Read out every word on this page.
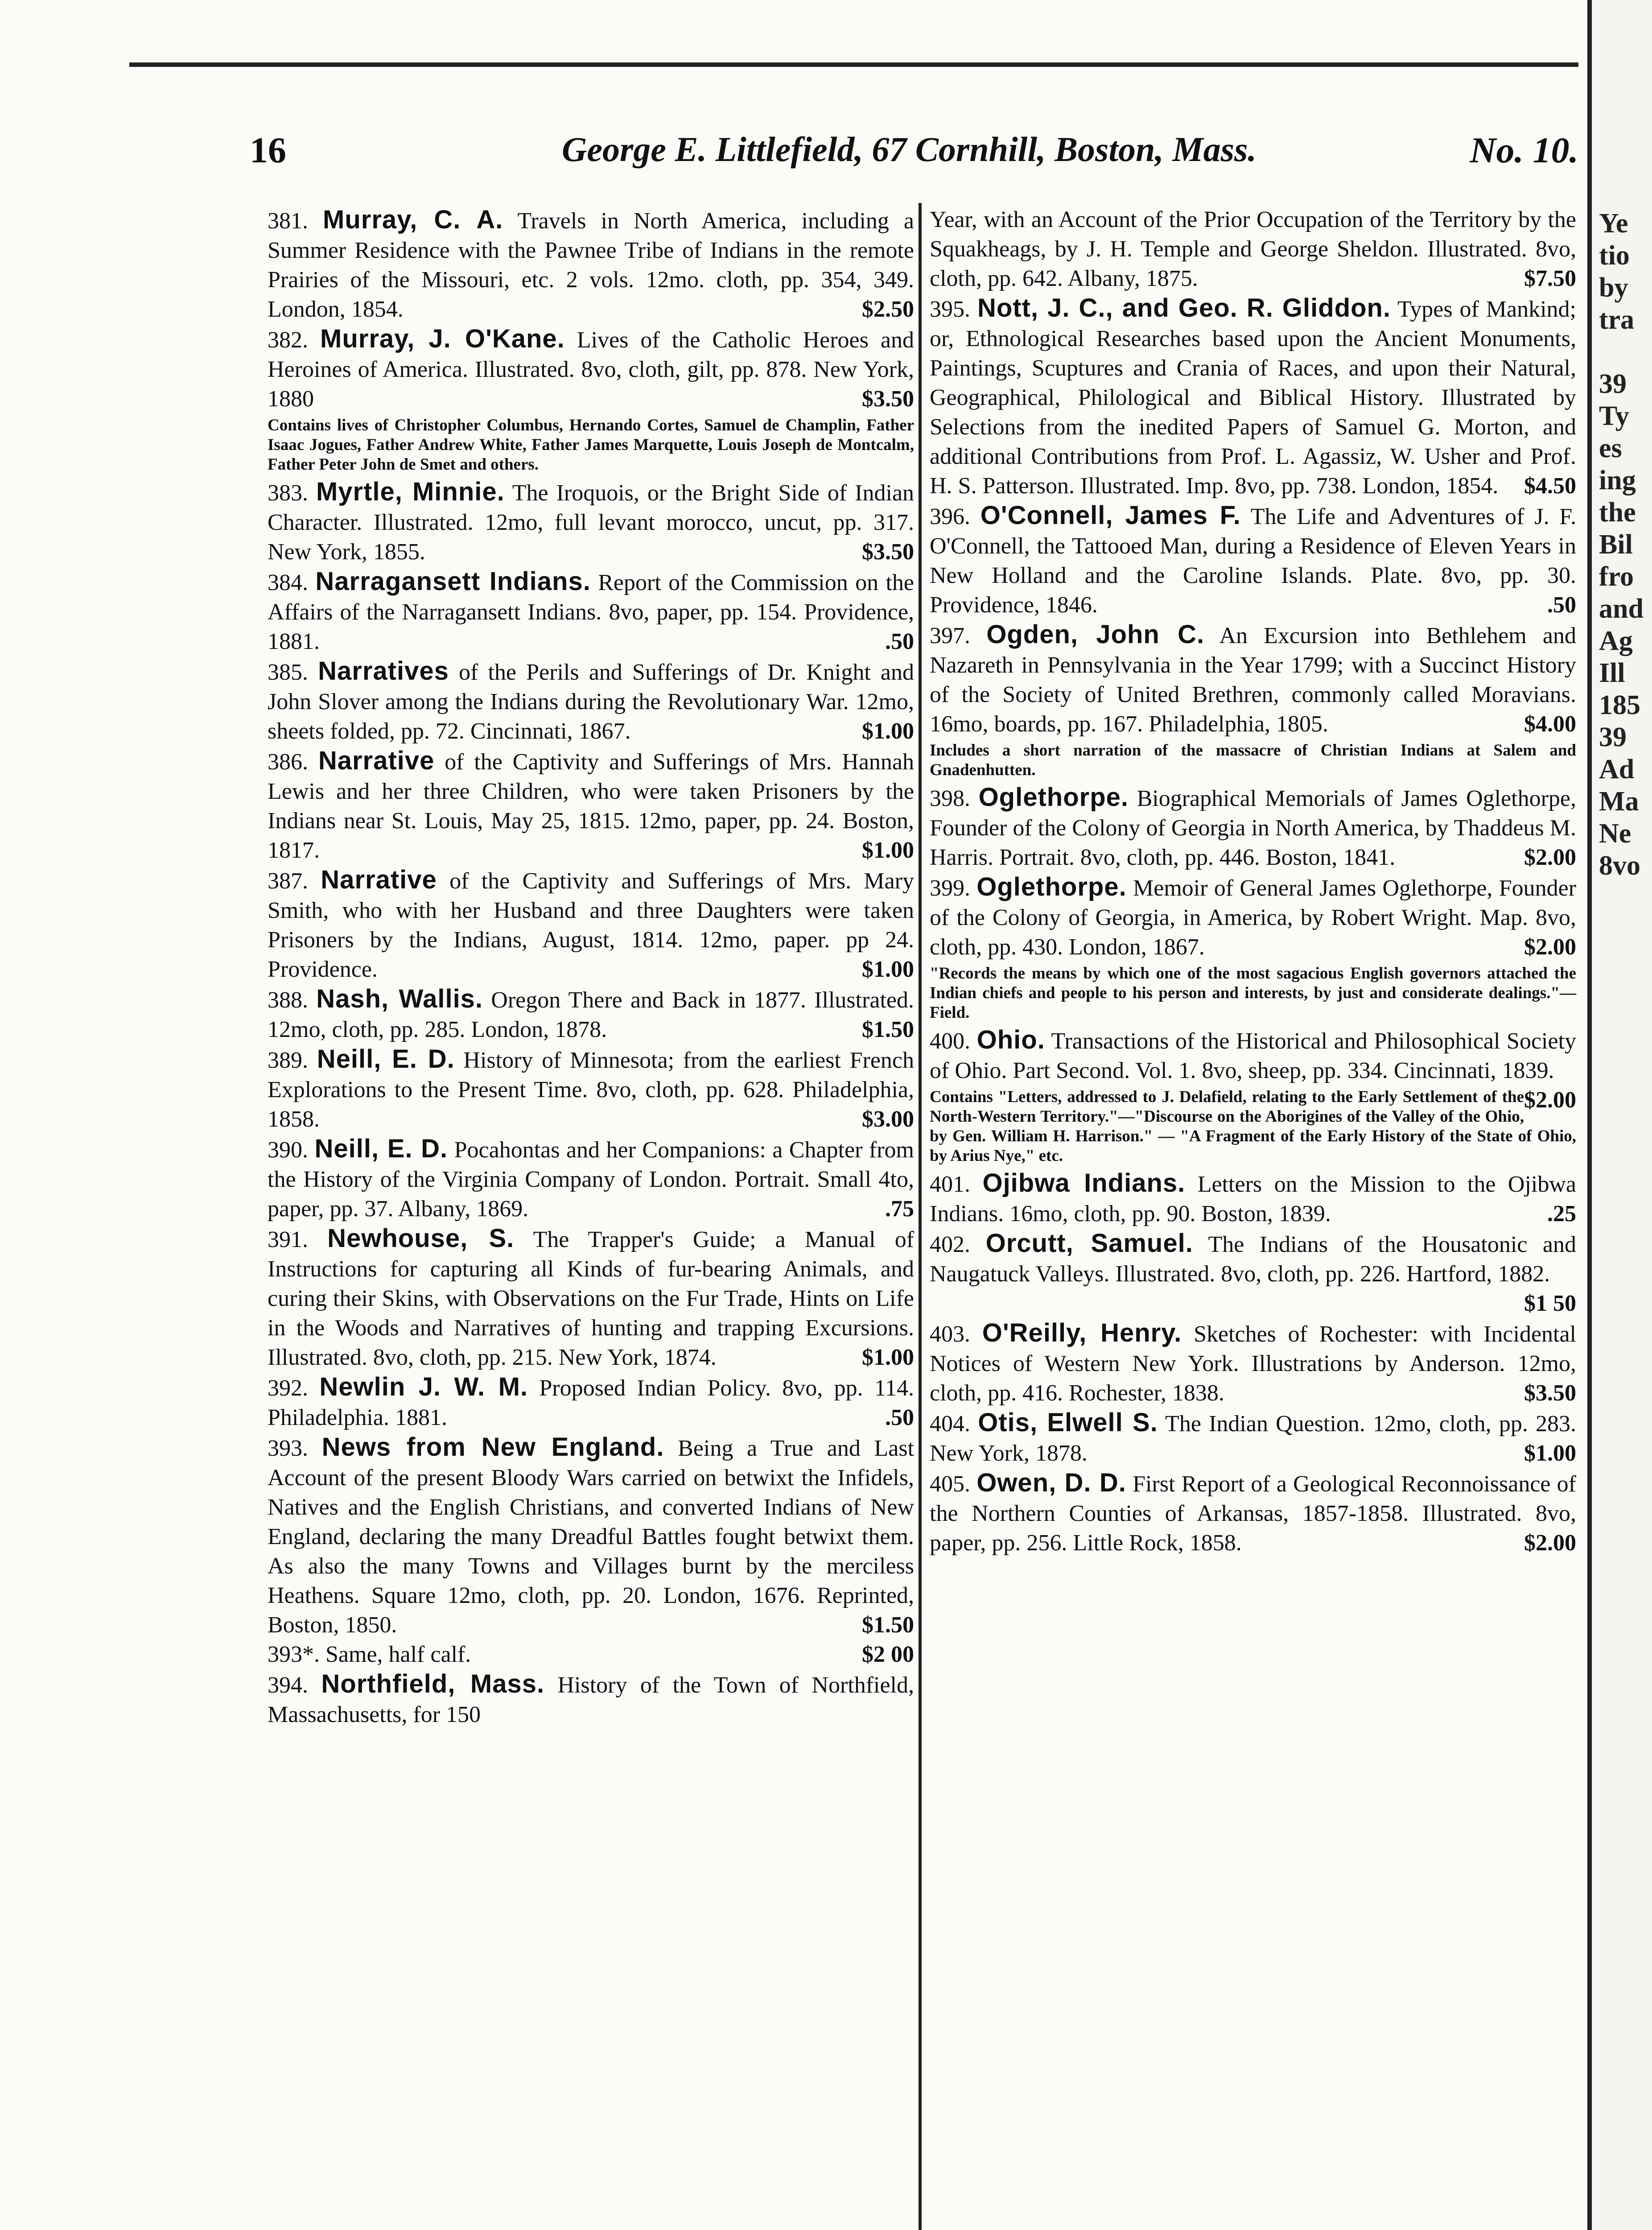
16	George E. Littlefield, 67 Cornhill, Boston, Mass.	No. 10.

381. Murray, C. A. Travels in North America, including a Summer Residence with the Pawnee Tribe of Indians in the remote Prairies of the Missouri, etc. 2 vols. 12mo. cloth, pp. 354, 349. London, 1854.	$2.50

382. Murray, J. O'Kane. Lives of the Catholic Heroes and Heroines of America. Illustrated. 8vo, cloth, gilt, pp. 878. New York, 1880	$3.50

Contains lives of Christopher Columbus, Hernando Cortes, Samuel de Champlin, Father Isaac Jogues, Father Andrew White, Father James Marquette, Louis Joseph de Montcalm, Father Peter John de Smet and others.

383. Myrtle, Minnie. The Iroquois, or the Bright Side of Indian Character. Illustrated. 12mo, full levant morocco, uncut, pp. 317. New York, 1855.	$3.50

384. Narragansett Indians. Report of the Commission on the Affairs of the Narragansett Indians. 8vo, paper, pp. 154. Providence, 1881.	.50

385. Narratives of the Perils and Sufferings of Dr. Knight and John Slover among the Indians during the Revolutionary War. 12mo, sheets folded, pp. 72. Cincinnati, 1867.	$1.00

386. Narrative of the Captivity and Sufferings of Mrs. Hannah Lewis and her three Children, who were taken Prisoners by the Indians near St. Louis, May 25, 1815. 12mo, paper, pp. 24. Boston, 1817.	$1.00

387. Narrative of the Captivity and Sufferings of Mrs. Mary Smith, who with her Husband and three Daughters were taken Prisoners by the Indians, August, 1814. 12mo, paper. pp 24. Providence.	$1.00

388. Nash, Wallis. Oregon There and Back in 1877. Illustrated. 12mo, cloth, pp. 285. London, 1878.	$1.50

389. Neill, E. D. History of Minnesota; from the earliest French Explorations to the Present Time. 8vo, cloth, pp. 628. Philadelphia, 1858.	$3.00

390. Neill, E. D. Pocahontas and her Companions: a Chapter from the History of the Virginia Company of London. Portrait. Small 4to, paper, pp. 37. Albany, 1869.	.75

391. Newhouse, S. The Trapper's Guide; a Manual of Instructions for capturing all Kinds of fur-bearing Animals, and curing their Skins, with Observations on the Fur Trade, Hints on Life in the Woods and Narratives of hunting and trapping Excursions. Illustrated. 8vo, cloth, pp. 215. New York, 1874.	$1.00

392. Newlin J. W. M. Proposed Indian Policy. 8vo, pp. 114. Philadelphia. 1881.	.50

393. News from New England. Being a True and Last Account of the present Bloody Wars carried on betwixt the Infidels, Natives and the English Christians, and converted Indians of New England, declaring the many Dreadful Battles fought betwixt them. As also the many Towns and Villages burnt by the merciless Heathens. Square 12mo, cloth, pp. 20. London, 1676. Reprinted, Boston, 1850.	$1.50

393*. Same, half calf.	$2 00

394. Northfield, Mass. History of the Town of Northfield, Massachusetts, for 150

Year, with an Account of the Prior Occupation of the Territory by the Squakheags, by J. H. Temple and George Sheldon. Illustrated. 8vo, cloth, pp. 642. Albany, 1875.	$7.50

395. Nott, J. C., and Geo. R. Gliddon. Types of Mankind; or, Ethnological Researches based upon the Ancient Monuments, Paintings, Scuptures and Crania of Races, and upon their Natural, Geographical, Philological and Biblical History. Illustrated by Selections from the inedited Papers of Samuel G. Morton, and additional Contributions from Prof. L. Agassiz, W. Usher and Prof. H. S. Patterson. Illustrated. Imp. 8vo, pp. 738. London, 1854. $4.50

396. O'Connell, James F. The Life and Adventures of J. F. O'Connell, the Tattooed Man, during a Residence of Eleven Years in New Holland and the Caroline Islands. Plate. 8vo, pp. 30. Providence, 1846.	.50

397. Ogden, John C. An Excursion into Bethlehem and Nazareth in Pennsylvania in the Year 1799; with a Succinct History of the Society of United Brethren, commonly called Moravians. 16mo, boards, pp. 167. Philadelphia, 1805.	$4.00

Includes a short narration of the massacre of Christian Indians at Salem and Gnadenhutten.

398. Oglethorpe. Biographical Memorials of James Oglethorpe, Founder of the Colony of Georgia in North America, by Thaddeus M. Harris. Portrait. 8vo, cloth, pp. 446. Boston, 1841.	$2.00

399. Oglethorpe. Memoir of General James Oglethorpe, Founder of the Colony of Georgia, in America, by Robert Wright. Map. 8vo, cloth, pp. 430. London, 1867.	$2.00

"Records the means by which one of the most sagacious English governors attached the Indian chiefs and people to his person and interests, by just and considerate dealings."—Field.

400. Ohio. Transactions of the Historical and Philosophical Society of Ohio. Part Second. Vol. 1. 8vo, sheep, pp. 334. Cincinnati, 1839.
$2.00

Contains "Letters, addressed to J. Delafield, relating to the Early Settlement of the North-Western Territory."—"Discourse on the Aborigines of the Valley of the Ohio, by Gen. William H. Harrison." — "A Fragment of the Early History of the State of Ohio, by Arius Nye," etc.

401. Ojibwa Indians. Letters on the Mission to the Ojibwa Indians. 16mo, cloth, pp. 90. Boston, 1839.	.25

402. Orcutt, Samuel. The Indians of the Housatonic and Naugatuck Valleys. Illustrated. 8vo, cloth, pp. 226. Hartford, 1882.
$1 50

403. O'Reilly, Henry. Sketches of Rochester: with Incidental Notices of Western New York. Illustrations by Anderson. 12mo, cloth, pp. 416. Rochester, 1838.	$3.50

404. Otis, Elwell S. The Indian Question. 12mo, cloth, pp. 283. New York, 1878.	$1.00

405. Owen, D. D. First Report of a Geological Reconnoissance of the Northern Counties of Arkansas, 1857-1858. Illustrated. 8vo, paper, pp. 256. Little Rock, 1858.	$2.00

Ye
tio
by
tra
39
Ty
es
ing
the
Bil
fro
and
Ag
Ill
185
39
Ad
Ma
Ne
8vo
